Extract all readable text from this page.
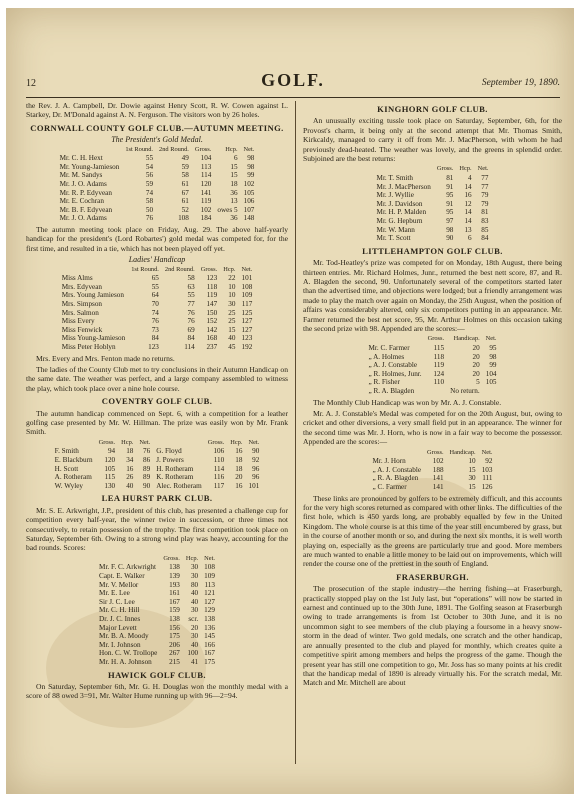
12	GOLF.	September 19, 1890.

the Rev. J. A. Campbell, Dr. Dowie against Henry Scott, R. W. Cowen against L. Starkey, Dr. M'Donald against A. N. Ferguson. The visitors won by 26 holes.

CORNWALL COUNTY GOLF CLUB.—AUTUMN MEETING.
The President's Gold Medal.
	1st Round.	2nd Round.	Gross.	Hcp.	Net.
Mr. C. H. Hext	55	49	104	6	98
Mr. Young-Jamieson	54	59	113	15	98
Mr. M. Sandys	56	58	114	15	99
Mr. J. O. Adams	59	61	120	18	102
Mr. R. P. Edyvean	74	67	141	36	105
Mr. E. Cochran	58	61	119	13	106
Mr. B. F. Edyvean	50	52	102	owes 5	107
Mr. J. O. Adams	76	108	184	36	148

The autumn meeting took place on Friday, Aug. 29. The above half-yearly handicap for the president's (Lord Robartes') gold medal was competed for, for the first time, and resulted in a tie, which has not been played off yet.

Ladies' Handicap
	1st Round.	2nd Round.	Gross.	Hcp.	Net.
Miss Alms	65	58	123	22	101
Mrs. Edyvean	55	63	118	10	108
Mrs. Young Jamieson	64	55	119	10	109
Mrs. Simpson	70	77	147	30	117
Mrs. Salmon	74	76	150	25	125
Miss Every	76	76	152	25	127
Miss Fenwick	73	69	142	15	127
Miss Young-Jamieson	84	84	168	40	123
Miss Peter Hoblyn	123	114	237	45	192

Mrs. Every and Mrs. Fenton made no returns.

The ladies of the County Club met to try conclusions in their Autumn Handicap on the same date. The weather was perfect, and a large company assembled to witness the play, which took place over a nine hole course.

COVENTRY GOLF CLUB.

The autumn handicap commenced on Sept. 6, with a competition for a leather golfing case presented by Mr. W. Hillman. The prize was easily won by Mr. Frank Smith.

	Gross.	Hcp.	Net.		Gross.	Hcp.	Net.
F. Smith	94	18	76	G. Floyd	106	16	90
E. Blackburn	120	34	86	J. Powers	110	18	92
H. Scott	105	16	89	H. Rotheram	114	18	96
A. Rotheram	115	26	89	K. Rotheram	116	20	96
W. Wyley	130	40	90	Alec. Rotheram	117	16	101
LEA HURST PARK CLUB.

Mr. S. E. Arkwright, J.P., president of this club, has presented a challenge cup for competition every half-year, the winner twice in succession, or three times not consecutively, to retain possession of the trophy. The first competition took place on Saturday, September 6th. Owing to a strong wind play was heavy, accounting for the bad rounds. Scores:

	Gross.	Hcp.	Net.
Mr. F. C. Arkwright	138	30	108
Capt. E. Walker	139	30	109
Mr. V. Mellor	193	80	113
Mr. E. Lee	161	40	121
Sir J. C. Lee	167	40	127
Mr. C. H. Hill	159	30	129
Dr. J. C. Innes	138	scr.	138
Major Levett	156	20	136
Mr. B. A. Moody	175	30	145
Mr. I. Johnson	206	40	166
Hon. C. W. Trollope	267	100	167
Mr. H. A. Johnson	215	41	175
HAWICK GOLF CLUB.

On Saturday, September 6th, Mr. G. H. Douglas won the monthly medal with a score of 88 owed 3=91, Mr. Walter Hume running up with 96—2=94.

KINGHORN GOLF CLUB.

An unusually exciting tussle took place on Saturday, September, 6th, for the Provost's charm, it being only at the second attempt that Mr. Thomas Smith, Kirkcaldy, managed to carry it off from Mr. J. MacPherson, with whom he had previously dead-heated. The weather was lovely, and the greens in splendid order. Subjoined are the best returns:

	Gross.	Hcp.	Net.
Mr. T. Smith	81	4	77
Mr. J. MacPherson	91	14	77
Mr. J. Wyllie	95	16	79
Mr. J. Davidson	91	12	79
Mr. H. P. Malden	95	14	81
Mr. G. Hepburn	97	14	83
Mr. W. Mann	98	13	85
Mr. T. Scott	90	6	84
LITTLEHAMPTON GOLF CLUB.

Mr. Tod-Heatley's prize was competed for on Monday, 18th August, there being thirteen entries. Mr. Richard Holmes, Junr., returned the best nett score, 87, and R. A. Blagden the second, 90. Unfortunately several of the competitors started later than the advertised time, and objections were lodged; but a friendly arrangement was made to play the match over again on Monday, the 25th August, when the position of affairs was considerably altered, only six competitors putting in an appearance. Mr. Farmer returned the best net score, 95, Mr. Arthur Holmes on this occasion taking the second prize with 98. Appended are the scores:—

	Gross.	Handicap.	Net.
Mr. C. Farmer	115	20	95
„ A. Holmes	118	20	98
„ A. J. Constable	119	20	99
„ R. Holmes, Junr.	124	20	104
„ R. Fisher	110	5	105
„ R. A. Blagden		No return.	

The Monthly Club Handicap was won by Mr. A. J. Constable.

Mr. A. J. Constable's Medal was competed for on the 20th August, but, owing to cricket and other diversions, a very small field put in an appearance. The winner for the second time was Mr. J. Horn, who is now in a fair way to become the possessor. Appended are the scores:—

	Gross.	Handicap.	Net.
Mr. J. Horn	102	10	92
„ A. J. Constable	188	15	103
„ R. A. Blagden	141	30	111
„ C. Farmer	141	15	126

These links are pronounced by golfers to be extremely difficult, and this accounts for the very high scores returned as compared with other links. The difficulties of the first hole, which is 450 yards long, are probably equalled by few in the United Kingdom. The whole course is at this time of the year still encumbered by grass, but in the course of another month or so, and during the next six months, it is well worth playing on, especially as the greens are particularly true and good. More members are much wanted to enable a little money to be laid out on improvements, which will render the course one of the prettiest in the south of England.

FRASERBURGH.

The prosecution of the staple industry—the herring fishing—at Fraserburgh, practically stopped play on the 1st July last, but “operations” will now be started in earnest and continued up to the 30th June, 1891. The Golfing season at Fraserburgh owing to trade arrangements is from 1st October to 30th June, and it is no uncommon sight to see members of the club playing a foursome in a heavy snow-storm in the dead of winter. Two gold medals, one scratch and the other handicap, are annually presented to the club and played for monthly, which creates quite a competitive spirit among members and helps the progress of the game. Though the present year has still one competition to go, Mr. Joss has so many points at his credit that the handicap medal of 1890 is already virtually his. For the scratch medal, Mr. Match and Mr. Mitchell are about
